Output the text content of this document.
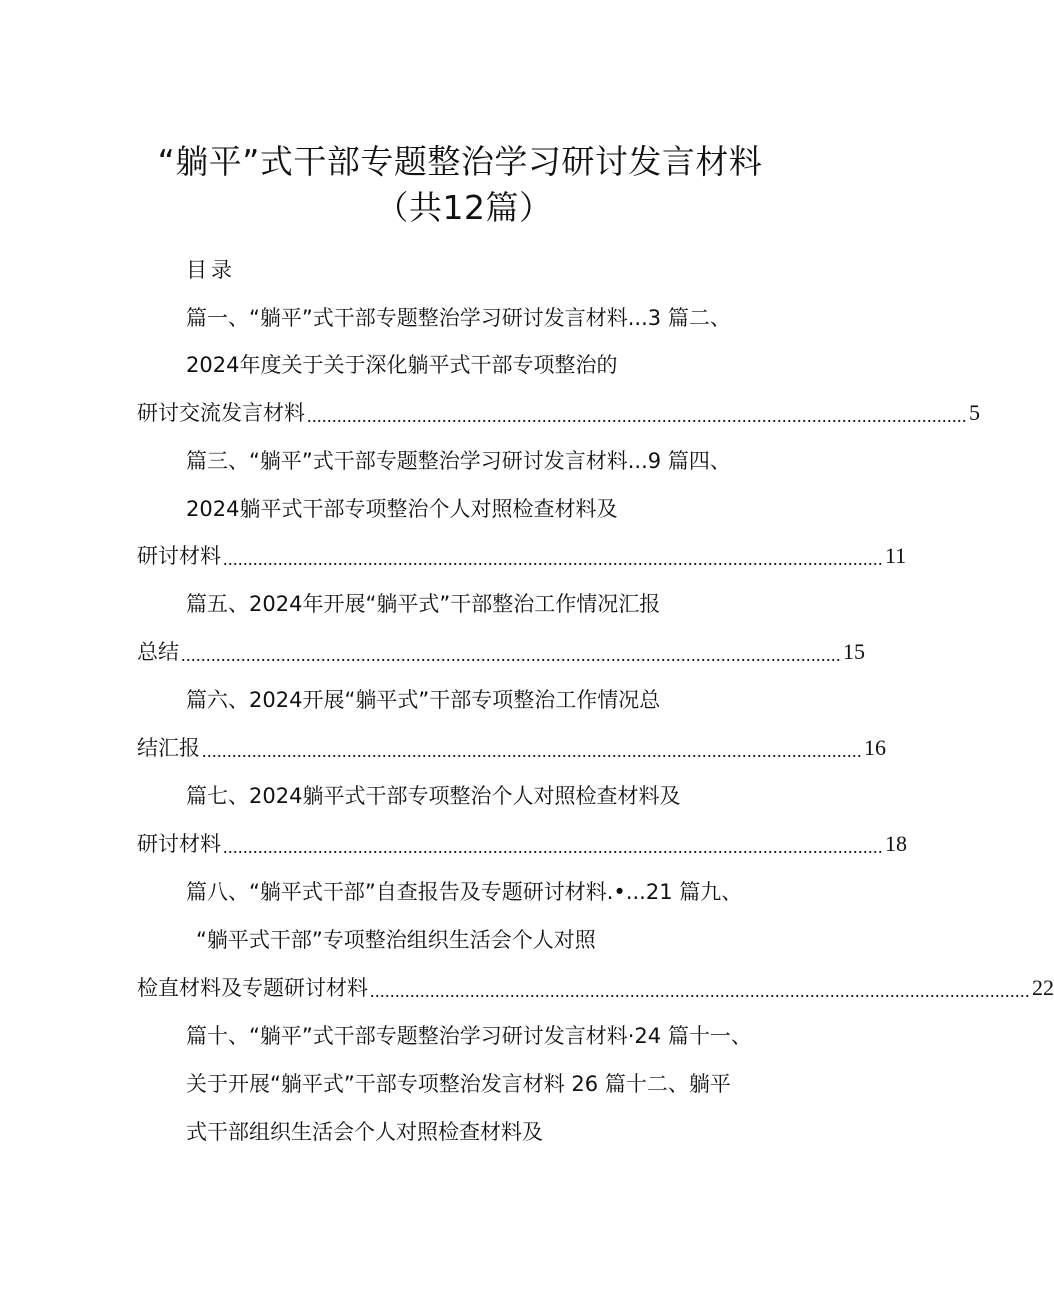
“躺平”式干部专题整治学习研讨发言材料
（共12篇）
目录
篇一、“躺平”式干部专题整治学习研讨发言材料...3 篇二、
2024年度关于关于深化躺平式干部专项整治的
研讨交流发言材料 .................................................................................................................................... 5
篇三、“躺平”式干部专题整治学习研讨发言材料...9 篇四、
2024躺平式干部专项整治个人对照检查材料及
研讨材料 .................................................................................................................................... 11
篇五、2024年开展“躺平式”干部整治工作情况汇报
总结 .................................................................................................................................... 15
篇六、2024开展“躺平式”干部专项整治工作情况总
结汇报 .................................................................................................................................... 16
篇七、2024躺平式干部专项整治个人对照检查材料及
研讨材料 .................................................................................................................................... 18
篇八、“躺平式干部”自查报告及专题研讨材料.•...21 篇九、
“躺平式干部”专项整治组织生活会个人对照
检直材料及专题研讨材料 .................................................................................................................................... 22
篇十、“躺平”式干部专题整治学习研讨发言材料·24 篇十一、
关于开展“躺平式”干部专项整治发言材料 26 篇十二、躺平
式干部组织生活会个人对照检查材料及
